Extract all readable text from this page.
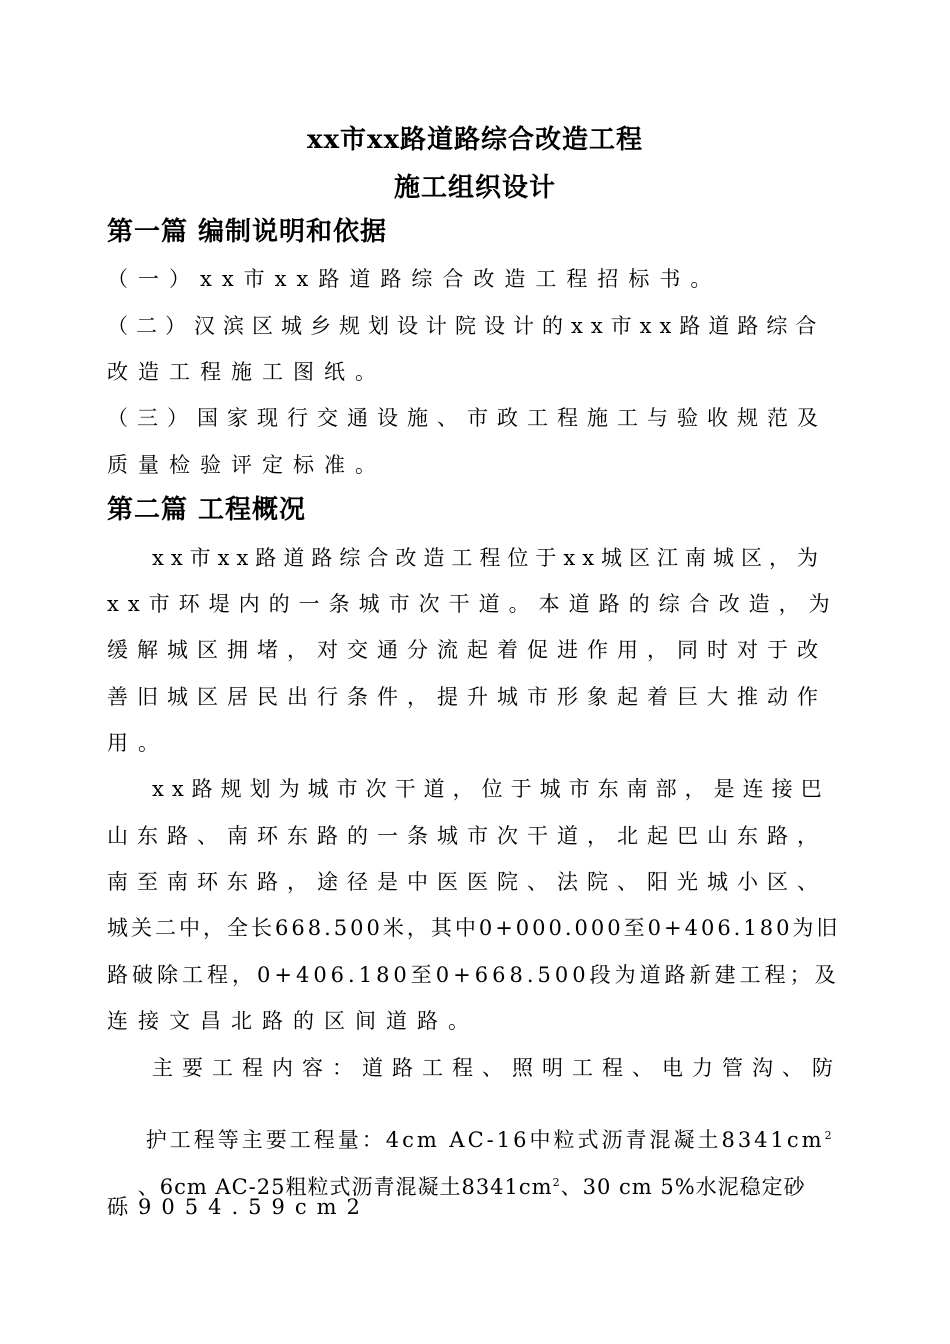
xx市xx路道路综合改造工程
施工组织设计
第一篇 编制说明和依据
（一）xx市xx路道路综合改造工程招标书。
（二）汉滨区城乡规划设计院设计的xx市xx路道路综合
改造工程施工图纸。
（三）国家现行交通设施、市政工程施工与验收规范及
质量检验评定标准。
第二篇 工程概况
xx市xx路道路综合改造工程位于xx城区江南城区，为
xx市环堤内的一条城市次干道。本道路的综合改造，为
缓解城区拥堵，对交通分流起着促进作用，同时对于改
善旧城区居民出行条件，提升城市形象起着巨大推动作
用。
xx路规划为城市次干道，位于城市东南部，是连接巴
山东路、南环东路的一条城市次干道，北起巴山东路，
南至南环东路，途径是中医医院、法院、阳光城小区、
城关二中，全长668.500米，其中0+000.000至0+406.180为旧
路破除工程，0+406.180至0+668.500段为道路新建工程；及
连接文昌北路的区间道路。
主要工程内容：道路工程、照明工程、电力管沟、防

护工程等主要工程量：4cm AC-16中粒式沥青混凝土$8341cm^2$

、6cm AC-25粗粒式沥青混凝土$8341cm^2$、30 cm 5%水泥稳定砂

砾9054.59cm2
